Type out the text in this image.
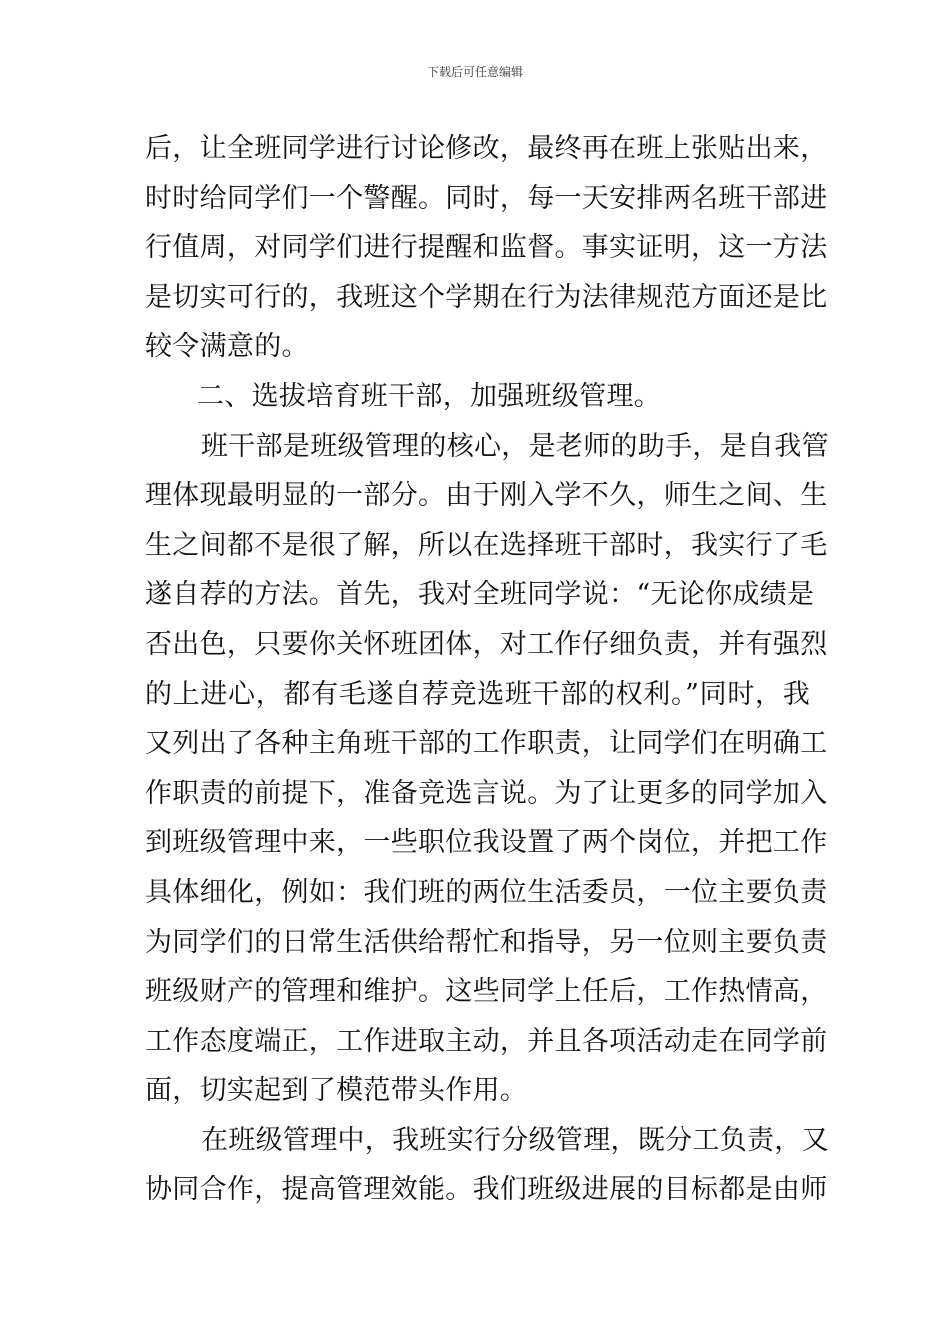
下载后可任意编辑
后，让全班同学进行讨论修改，最终再在班上张贴出来，
时时给同学们一个警醒。同时，每一天安排两名班干部进
行值周，对同学们进行提醒和监督。事实证明，这一方法
是切实可行的，我班这个学期在行为法律规范方面还是比
较令满意的。
二、选拔培育班干部，加强班级管理。
班干部是班级管理的核心，是老师的助手，是自我管
理体现最明显的一部分。由于刚入学不久，师生之间、生
生之间都不是很了解，所以在选择班干部时，我实行了毛
遂自荐的方法。首先，我对全班同学说：“无论你成绩是
否出色，只要你关怀班团体，对工作仔细负责，并有强烈
的上进心，都有毛遂自荐竞选班干部的权利。”同时，我
又列出了各种主角班干部的工作职责，让同学们在明确工
作职责的前提下，准备竞选言说。为了让更多的同学加入
到班级管理中来，一些职位我设置了两个岗位，并把工作
具体细化，例如：我们班的两位生活委员，一位主要负责
为同学们的日常生活供给帮忙和指导，另一位则主要负责
班级财产的管理和维护。这些同学上任后，工作热情高，
工作态度端正，工作进取主动，并且各项活动走在同学前
面，切实起到了模范带头作用。
在班级管理中，我班实行分级管理，既分工负责，又
协同合作，提高管理效能。我们班级进展的目标都是由师
